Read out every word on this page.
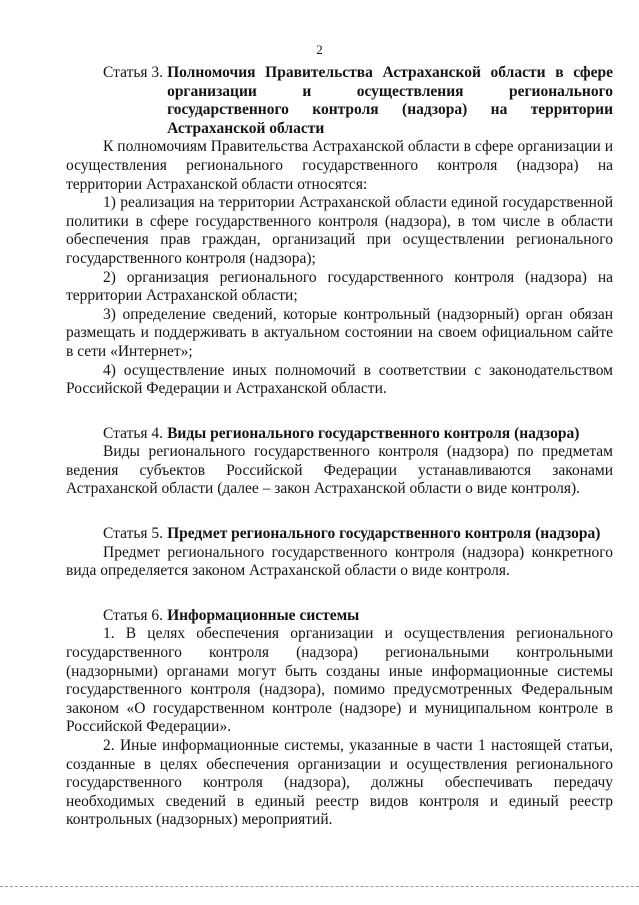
2
Статья 3. Полномочия Правительства Астраханской области в сфере организации и осуществления регионального государственного контроля (надзора) на территории Астраханской области

К полномочиям Правительства Астраханской области в сфере организации и осуществления регионального государственного контроля (надзора) на территории Астраханской области относятся:

1) реализация на территории Астраханской области единой государственной политики в сфере государственного контроля (надзора), в том числе в области обеспечения прав граждан, организаций при осуществлении регионального государственного контроля (надзора);

2) организация регионального государственного контроля (надзора) на территории Астраханской области;

3) определение сведений, которые контрольный (надзорный) орган обязан размещать и поддерживать в актуальном состоянии на своем официальном сайте в сети «Интернет»;

4) осуществление иных полномочий в соответствии с законодательством Российской Федерации и Астраханской области.

Статья 4. Виды регионального государственного контроля (надзора)

Виды регионального государственного контроля (надзора) по предметам ведения субъектов Российской Федерации устанавливаются законами Астраханской области (далее – закон Астраханской области о виде контроля).

Статья 5. Предмет регионального государственного контроля (надзора)

Предмет регионального государственного контроля (надзора) конкретного вида определяется законом Астраханской области о виде контроля.

Статья 6. Информационные системы

1. В целях обеспечения организации и осуществления регионального государственного контроля (надзора) региональными контрольными (надзорными) органами могут быть созданы иные информационные системы государственного контроля (надзора), помимо предусмотренных Федеральным законом «О государственном контроле (надзоре) и муниципальном контроле в Российской Федерации».

2. Иные информационные системы, указанные в части 1 настоящей статьи, созданные в целях обеспечения организации и осуществления регионального государственного контроля (надзора), должны обеспечивать передачу необходимых сведений в единый реестр видов контроля и единый реестр контрольных (надзорных) мероприятий.
